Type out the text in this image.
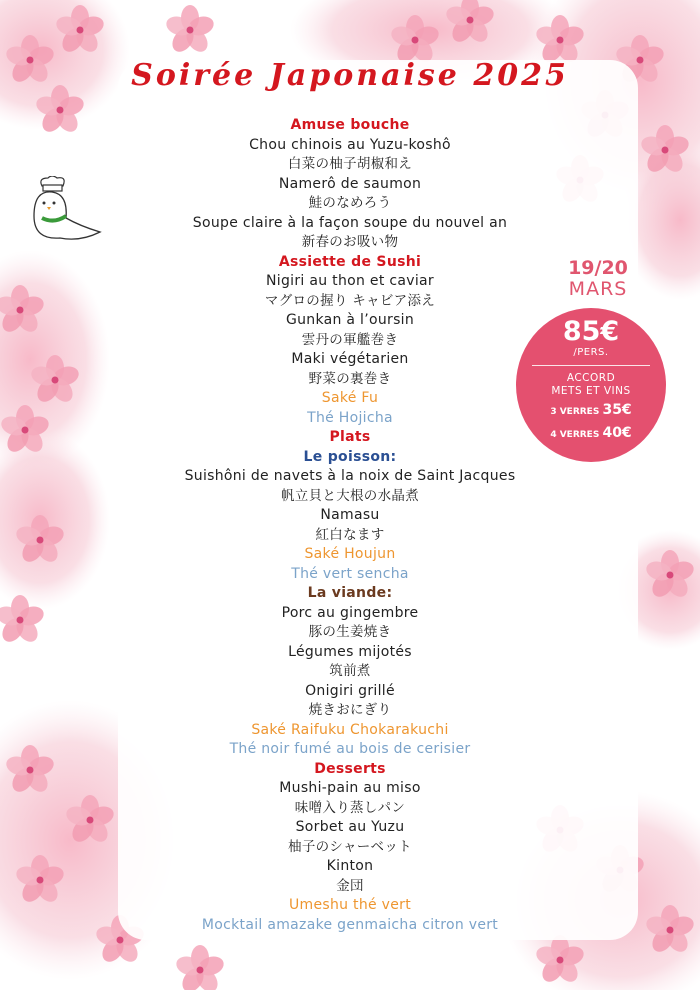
Soirée Japonaise 2025
Amuse bouche
Chou chinois au Yuzu-koshô
白菜の柚子胡椒和え
Namerô de saumon
鮭のなめろう
Soupe claire à la façon soupe du nouvel an
新春のお吸い物
Assiette de Sushi
Nigiri au thon et caviar
マグロの握り キャビア添え
Gunkan à l’oursin
雲丹の軍艦巻き
Maki végétarien
野菜の裏巻き
Saké Fu
Thé Hojicha
Plats
Le poisson:
Suishôni de navets à la noix de Saint Jacques
帆立貝と大根の水晶煮
Namasu
紅白なます
Saké Houjun
Thé vert sencha
La viande:
Porc au gingembre
豚の生姜焼き
Légumes mijotés
筑前煮
Onigiri grillé
焼きおにぎり
Saké Raifuku Chokarakuchi
Thé noir fumé au bois de cerisier
Desserts
Mushi-pain au miso
味噌入り蒸しパン
Sorbet au Yuzu
柚子のシャーベット
Kinton
金団
Umeshu thé vert
Mocktail amazake genmaicha citron vert
19/20
MARS
85€
/PERS.
ACCORD
METS ET VINS
3 VERRES 35€
4 VERRES 40€
